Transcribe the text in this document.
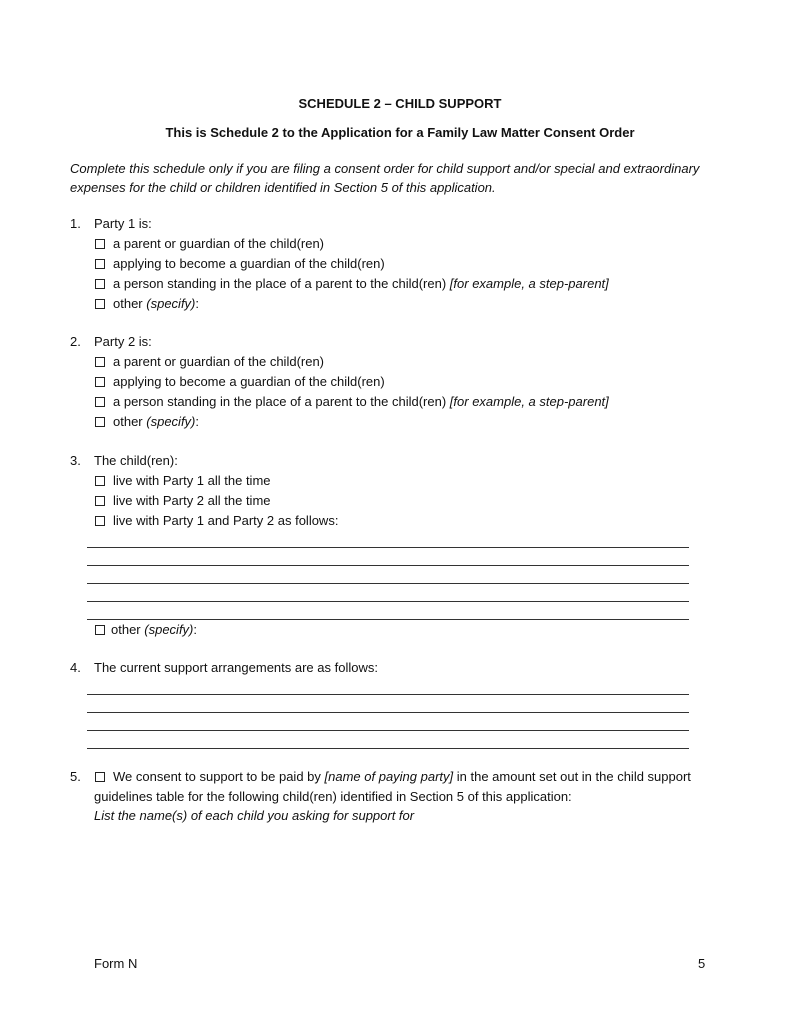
SCHEDULE 2 – CHILD SUPPORT
This is Schedule 2 to the Application for a Family Law Matter Consent Order
Complete this schedule only if you are filing a consent order for child support and/or special and extraordinary
expenses for the child or children identified in Section 5 of this application.
1. Party 1 is:
a parent or guardian of the child(ren)
applying to become a guardian of the child(ren)
a person standing in the place of a parent to the child(ren) [for example, a step-parent]
other (specify):
2. Party 2 is:
a parent or guardian of the child(ren)
applying to become a guardian of the child(ren)
a person standing in the place of a parent to the child(ren) [for example, a step-parent]
other (specify):
3. The child(ren):
live with Party 1 all the time
live with Party 2 all the time
live with Party 1 and Party 2 as follows:
other (specify):
4. The current support arrangements are as follows:
5.	We consent to support to be paid by [name of paying party] in the amount set out in the child support
guidelines table for the following child(ren) identified in Section 5 of this application:
List the name(s) of each child you asking for support for
Form N	5
